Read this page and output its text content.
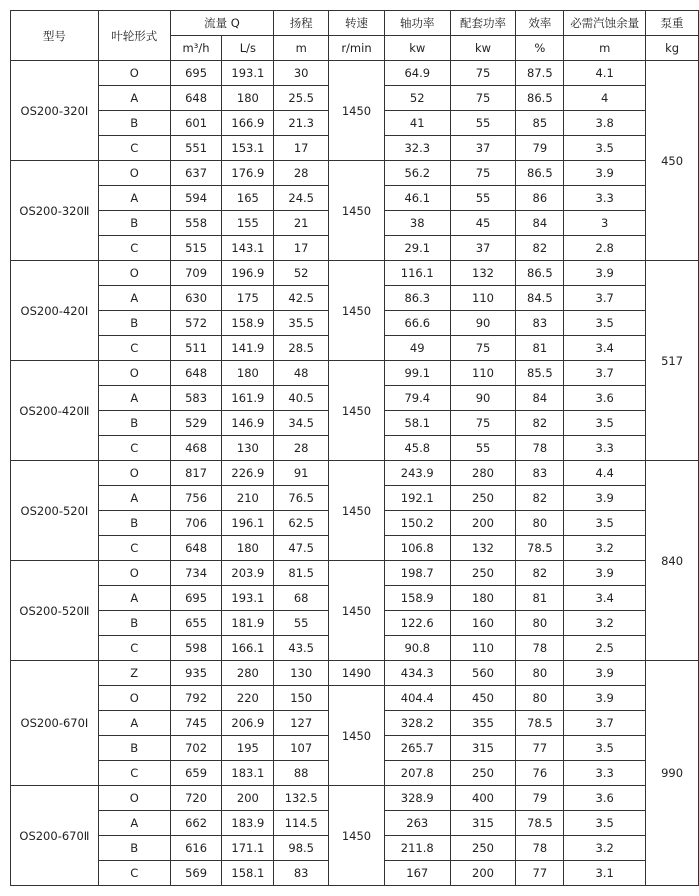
型号	叶轮形式	流量 Q		扬程	转速	轴功率	配套功率	效率	必需汽蚀余量	泵重
		m³/h	L/s	m	r/min	kw	kw	%	m	kg
OS200-320Ⅰ	O	695	193.1	30	1450	64.9	75	87.5	4.1	450
	A	648	180	25.5		52	75	86.5	4	
	B	601	166.9	21.3		41	55	85	3.8	
	C	551	153.1	17		32.3	37	79	3.5	
OS200-320Ⅱ	O	637	176.9	28	1450	56.2	75	86.5	3.9	
	A	594	165	24.5		46.1	55	86	3.3	
	B	558	155	21		38	45	84	3	
	C	515	143.1	17		29.1	37	82	2.8	
OS200-420Ⅰ	O	709	196.9	52	1450	116.1	132	86.5	3.9	517
	A	630	175	42.5		86.3	110	84.5	3.7	
	B	572	158.9	35.5		66.6	90	83	3.5	
	C	511	141.9	28.5		49	75	81	3.4	
OS200-420Ⅱ	O	648	180	48	1450	99.1	110	85.5	3.7	
	A	583	161.9	40.5		79.4	90	84	3.6	
	B	529	146.9	34.5		58.1	75	82	3.5	
	C	468	130	28		45.8	55	78	3.3	
OS200-520Ⅰ	O	817	226.9	91	1450	243.9	280	83	4.4	840
	A	756	210	76.5		192.1	250	82	3.9	
	B	706	196.1	62.5		150.2	200	80	3.5	
	C	648	180	47.5		106.8	132	78.5	3.2	
OS200-520Ⅱ	O	734	203.9	81.5	1450	198.7	250	82	3.9	
	A	695	193.1	68		158.9	180	81	3.4	
	B	655	181.9	55		122.6	160	80	3.2	
	C	598	166.1	43.5		90.8	110	78	2.5	
OS200-670Ⅰ	Z	935	280	130	1490	434.3	560	80	3.9	990
	O	792	220	150	1450	404.4	450	80	3.9	
	A	745	206.9	127		328.2	355	78.5	3.7	
	B	702	195	107		265.7	315	77	3.5	
	C	659	183.1	88		207.8	250	76	3.3	
OS200-670Ⅱ	O	720	200	132.5	1450	328.9	400	79	3.6	
	A	662	183.9	114.5		263	315	78.5	3.5	
	B	616	171.1	98.5		211.8	250	78	3.2	
	C	569	158.1	83		167	200	77	3.1	
